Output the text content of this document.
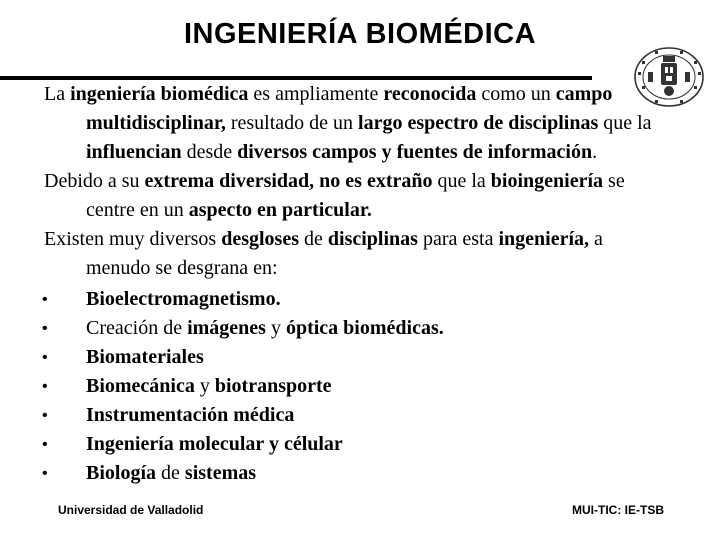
INGENIERÍA BIOMÉDICA

La ingeniería biomédica es ampliamente reconocida como un campo multidisciplinar, resultado de un largo espectro de disciplinas que la influencian desde diversos campos y fuentes de información.

Debido a su extrema diversidad, no es extraño que la bioingeniería se centre en un aspecto en particular.

Existen muy diversos desgloses de disciplinas para esta ingeniería, a menudo se desgrana en:

• Bioelectromagnetismo.
• Creación de imágenes y óptica biomédicas.
• Biomateriales
• Biomecánica y biotransporte
• Instrumentación médica
• Ingeniería molecular y célular
• Biología de sistemas
Universidad de Valladolid	MUI-TIC: IE-TSB
